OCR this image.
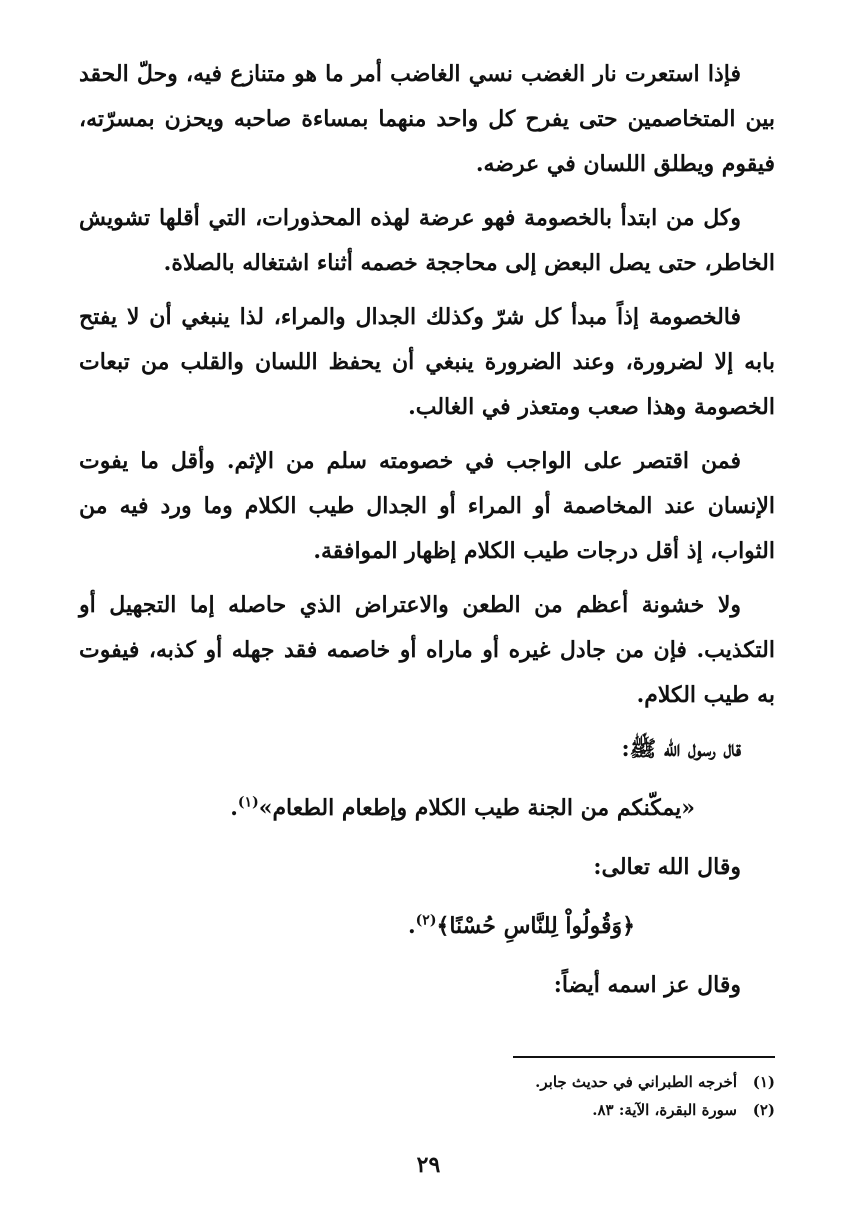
فإذا استعرت نار الغضب نسي الغاضب أمر ما هو متنازع فيه، وحلّ الحقد بين المتخاصمين حتى يفرح كل واحد منهما بمساءة صاحبه ويحزن بمسرّته، فيقوم ويطلق اللسان في عرضه.

وكل من ابتدأ بالخصومة فهو عرضة لهذه المحذورات، التي أقلها تشويش الخاطر، حتى يصل البعض إلى محاججة خصمه أثناء اشتغاله بالصلاة.

فالخصومة إذاً مبدأ كل شرّ وكذلك الجدال والمراء، لذا ينبغي أن لا يفتح بابه إلا لضرورة، وعند الضرورة ينبغي أن يحفظ اللسان والقلب من تبعات الخصومة وهذا صعب ومتعذر في الغالب.

فمن اقتصر على الواجب في خصومته سلم من الإثم. وأقل ما يفوت الإنسان عند المخاصمة أو المراء أو الجدال طيب الكلام وما ورد فيه من الثواب، إذ أقل درجات طيب الكلام إظهار الموافقة.

ولا خشونة أعظم من الطعن والاعتراض الذي حاصله إما التجهيل أو التكذيب. فإن من جادل غيره أو ماراه أو خاصمه فقد جهله أو كذبه، فيفوت به طيب الكلام.

قال رسول الله ﷺ:

«يمكّنكم من الجنة طيب الكلام وإطعام الطعام»$^{(١)}$.

وقال الله تعالى:

﴿وَقُولُواْ لِلنَّاسِ حُسْنًا﴾$^{(٢)}$.

وقال عز اسمه أيضاً:

(١)أخرجه الطبراني في حديث جابر.
(٢)سورة البقرة، الآية: ٨٣.
٢٩
